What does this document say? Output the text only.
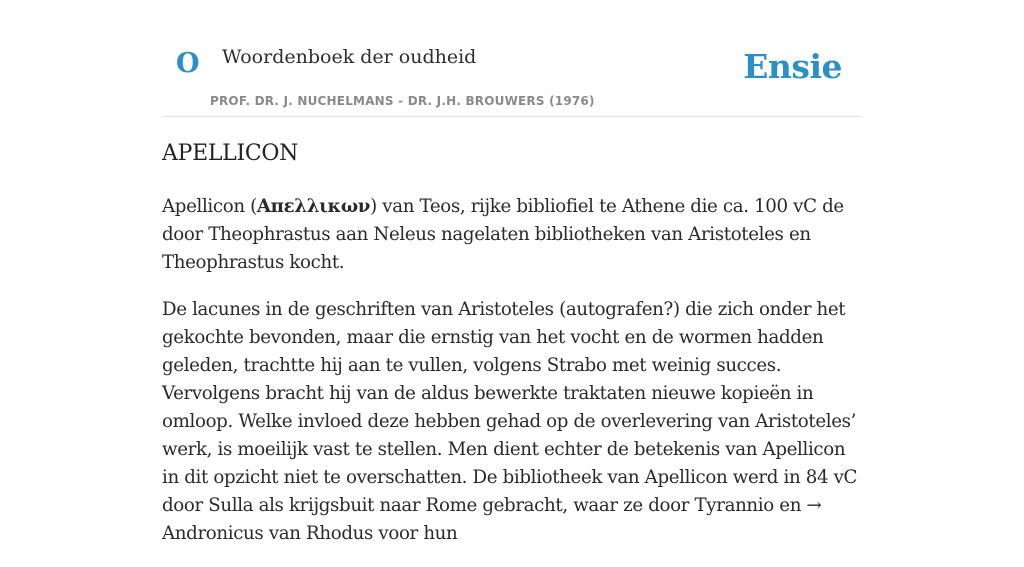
O Woordenboek der oudheid
PROF. DR. J. NUCHELMANS - DR. J.H. BROUWERS (1976)
Ensie
APELLICON

Apellicon (Απελλικων) van Teos, rijke bibliofiel te Athene die ca. 100 vC de door Theophrastus aan Neleus nagelaten bibliotheken van Aristoteles en Theophrastus kocht.

De lacunes in de geschriften van Aristoteles (autografen?) die zich onder het gekochte bevonden, maar die ernstig van het vocht en de wormen hadden geleden, trachtte hij aan te vullen, volgens Strabo met weinig succes. Vervolgens bracht hij van de aldus bewerkte traktaten nieuwe kopieën in omloop. Welke invloed deze hebben gehad op de overlevering van Aristoteles’ werk, is moeilijk vast te stellen. Men dient echter de betekenis van Apellicon in dit opzicht niet te overschatten. De bibliotheek van Apellicon werd in 84 vC door Sulla als krijgsbuit naar Rome gebracht, waar ze door Tyrannio en → Andronicus van Rhodus voor hun
